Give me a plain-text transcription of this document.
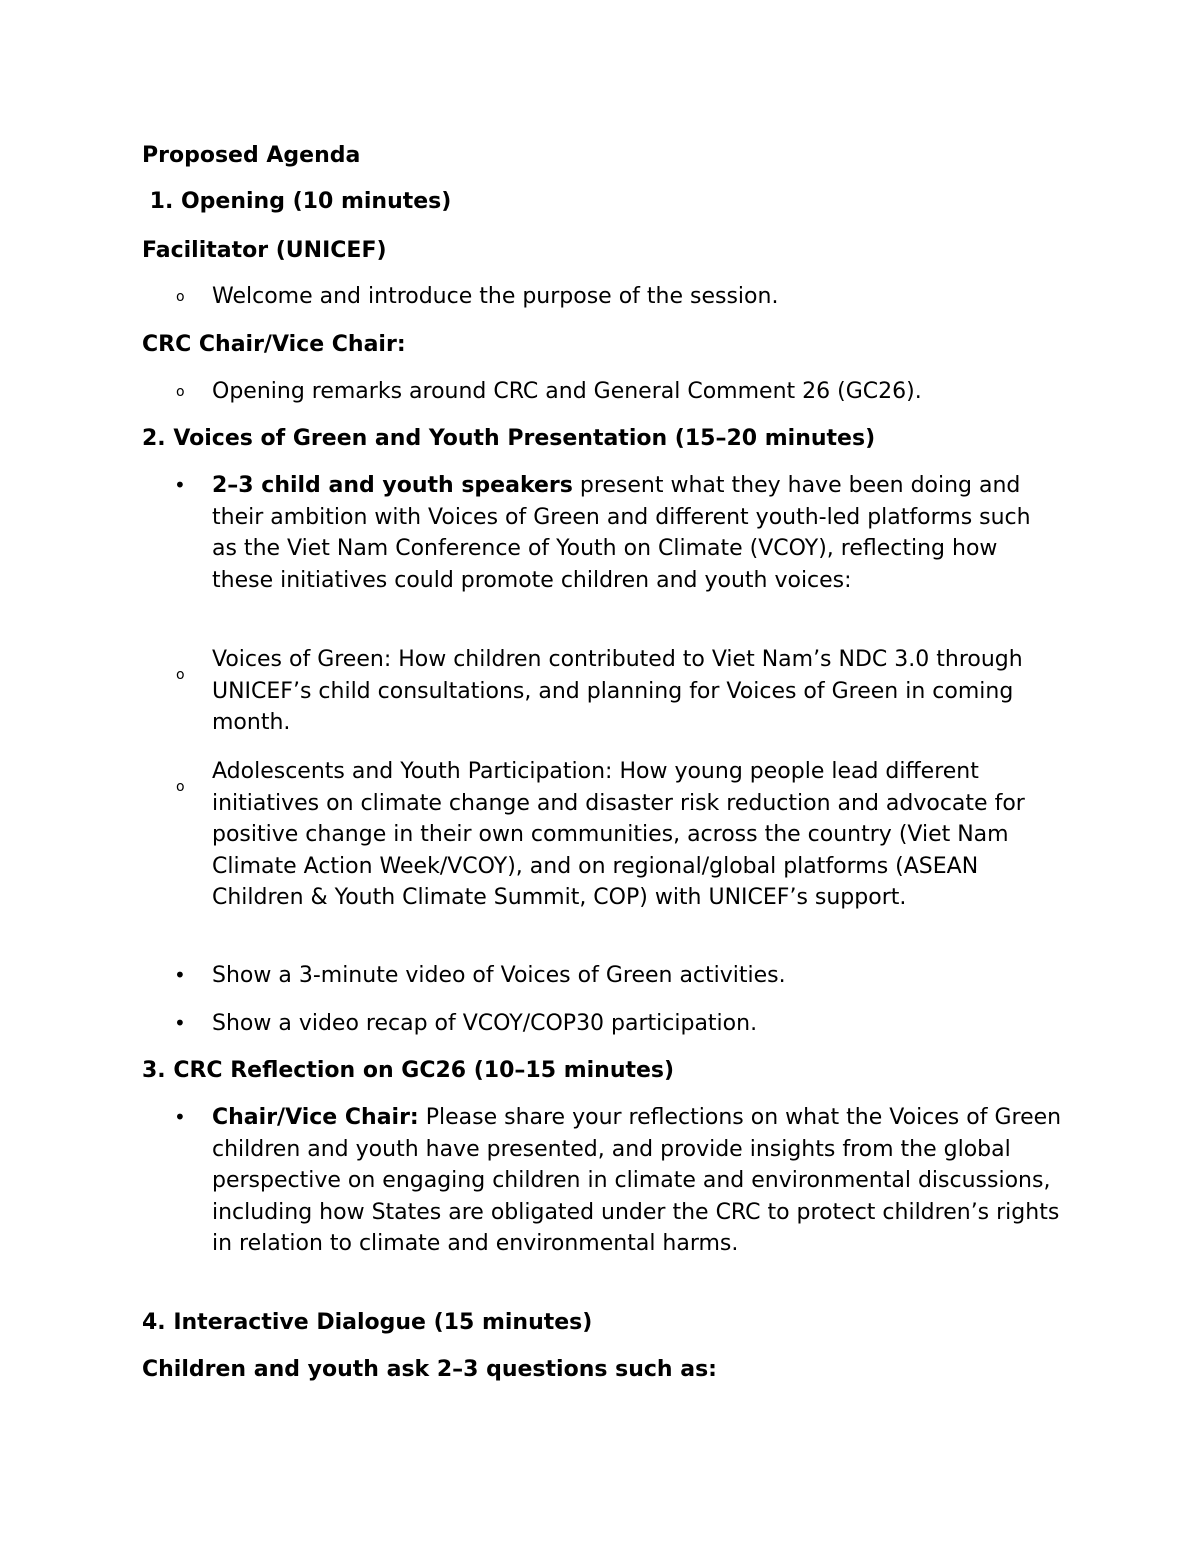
Proposed Agenda
1. Opening (10 minutes)
Facilitator (UNICEF)
o Welcome and introduce the purpose of the session.
CRC Chair/Vice Chair:
o Opening remarks around CRC and General Comment 26 (GC26).
2. Voices of Green and Youth Presentation (15–20 minutes)
• 2–3 child and youth speakers present what they have been doing and their ambition with Voices of Green and different youth-led platforms such as the Viet Nam Conference of Youth on Climate (VCOY), reflecting how these initiatives could promote children and youth voices:
o
Voices of Green: How children contributed to Viet Nam’s NDC 3.0 through UNICEF’s child consultations, and planning for Voices of Green in coming month.
o
Adolescents and Youth Participation: How young people lead different initiatives on climate change and disaster risk reduction and advocate for positive change in their own communities, across the country (Viet Nam Climate Action Week/VCOY), and on regional/global platforms (ASEAN Children & Youth Climate Summit, COP) with UNICEF’s support.
• Show a 3-minute video of Voices of Green activities.
• Show a video recap of VCOY/COP30 participation.
3. CRC Reflection on GC26 (10–15 minutes)
• Chair/Vice Chair: Please share your reflections on what the Voices of Green children and youth have presented, and provide insights from the global perspective on engaging children in climate and environmental discussions, including how States are obligated under the CRC to protect children’s rights in relation to climate and environmental harms.
4. Interactive Dialogue (15 minutes)
Children and youth ask 2–3 questions such as:
